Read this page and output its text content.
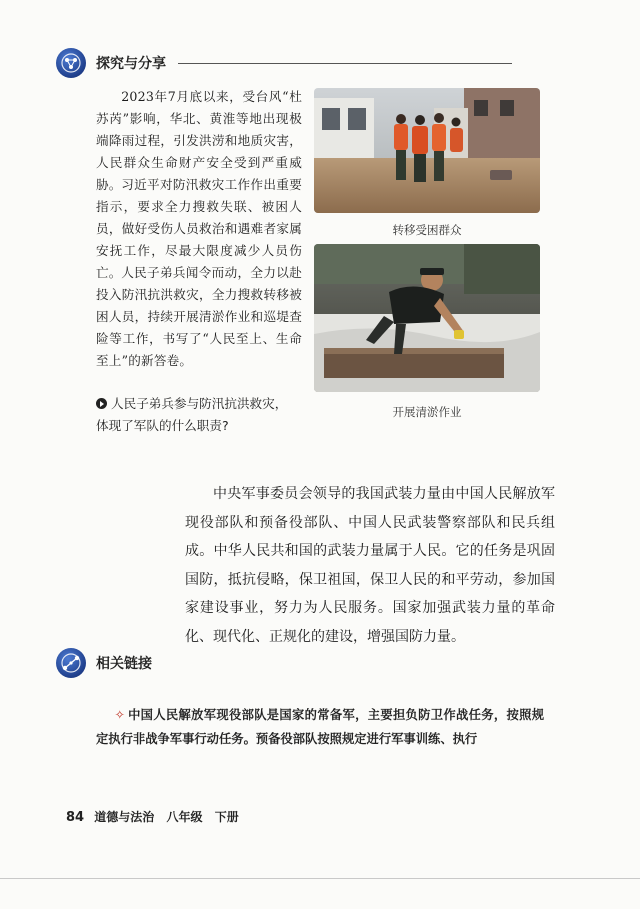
探究与分享

2023年7月底以来，受台风“杜苏芮”影响，华北、黄淮等地出现极端降雨过程，引发洪涝和地质灾害，人民群众生命财产安全受到严重威胁。 习近平对防汛救灾工作作出重要指示，要求全力搜救失联、被困人员，做好受伤人员救治和遇难者家属安抚工作，尽最大限度减少人员伤亡。 人民子弟兵闻令而动，全力以赴投入防汛抗洪救灾，全力搜救转移被困人员，持续开展清淤作业和巡堤查险等工作，书写了“人民至上、生命至上”的新答卷。

人民子弟兵参与防汛抗洪救灾，体现了军队的什么职责?
转移受困群众
开展清淤作业

中央军事委员会领导的我国武装力量由中国人民解放军现役部队和预备役部队、中国人民武装警察部队和民兵组成。中华人民共和国的武装力量属于人民。它的任务是巩固国防，抵抗侵略，保卫祖国，保卫人民的和平劳动，参加国家建设事业，努力为人民服务。国家加强武装力量的革命化、现代化、正规化的建设，增强国防力量。

相关链接

✧ 中国人民解放军现役部队是国家的常备军，主要担负防卫作战任务，按照规定执行非战争军事行动任务。预备役部队按照规定进行军事训练、执行

84 道德与法治 八年级 下册
